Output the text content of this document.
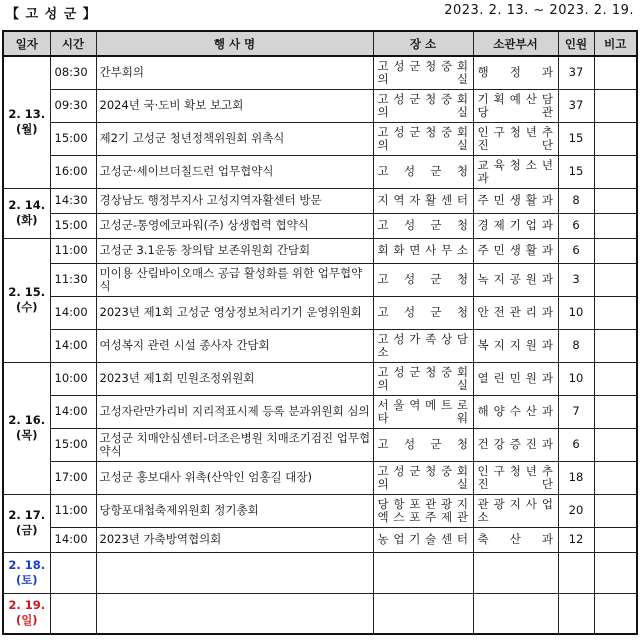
【 고 성 군 】	2023. 2. 13. ~ 2023. 2. 19.
일자	시간	행 사 명	장 소	소관부서	인원	비고
2. 13.
(월)	08:30	간부회의	고 성 군 청 중 회 의 실	행 정 과	37	
	09:30	2024년 국·도비 확보 보고회	고 성 군 청 중 회 의 실	기 획 예 산 담 당 관	37	
	15:00	제2기 고성군 청년정책위원회 위촉식	고 성 군 청 중 회 의 실	인 구 청 년 추 진 단	15	
	16:00	고성군·세이브더칠드런 업무협약식	고 성 군 청	교 육 청 소 년 과	15	
2. 14.
(화)	14:30	경상남도 행정부지사 고성지역자활센터 방문	지 역 자 활 센 터	주 민 생 활 과	8	
	15:00	고성군-통영에코파워(주) 상생협력 협약식	고 성 군 청	경 제 기 업 과	6	
2. 15.
(수)	11:00	고성군 3.1운동 창의탑 보존위원회 간담회	회 화 면 사 무 소	주 민 생 활 과	6	
	11:30	미이용 산림바이오매스 공급 활성화를 위한 업무협약식	고 성 군 청	녹 지 공 원 과	3	
	14:00	2023년 제1회 고성군 영상정보처리기기 운영위원회	고 성 군 청	안 전 관 리 과	10	
	14:00	여성복지 관련 시설 종사자 간담회	고 성 가 족 상 담 소	복 지 지 원 과	8	
2. 16.
(목)	10:00	2023년 제1회 민원조정위원회	고 성 군 청 중 회 의 실	열 린 민 원 과	10	
	14:00	고성자란만가리비 지리적표시제 등록 분과위원회 심의	서 울 역 메 트 로 타 워	해 양 수 산 과	7	
	15:00	고성군 치매안심센터-더조은병원 치매조기검진 업무협약식	고 성 군 청	건 강 증 진 과	6	
	17:00	고성군 홍보대사 위촉(산악인 엄홍길 대장)	고 성 군 청 중 회 의 실	인 구 청 년 추 진 단	18	
2. 17.
(금)	11:00	당항포대첩축제위원회 정기총회	당 항 포 관 광 지 엑 스 포 주 제 관	관 광 지 사 업 소	20	
	14:00	2023년 가축방역협의회	농 업 기 술 센 터	축 산 과	12	
2. 18.
(토)						
2. 19.
(일)						
